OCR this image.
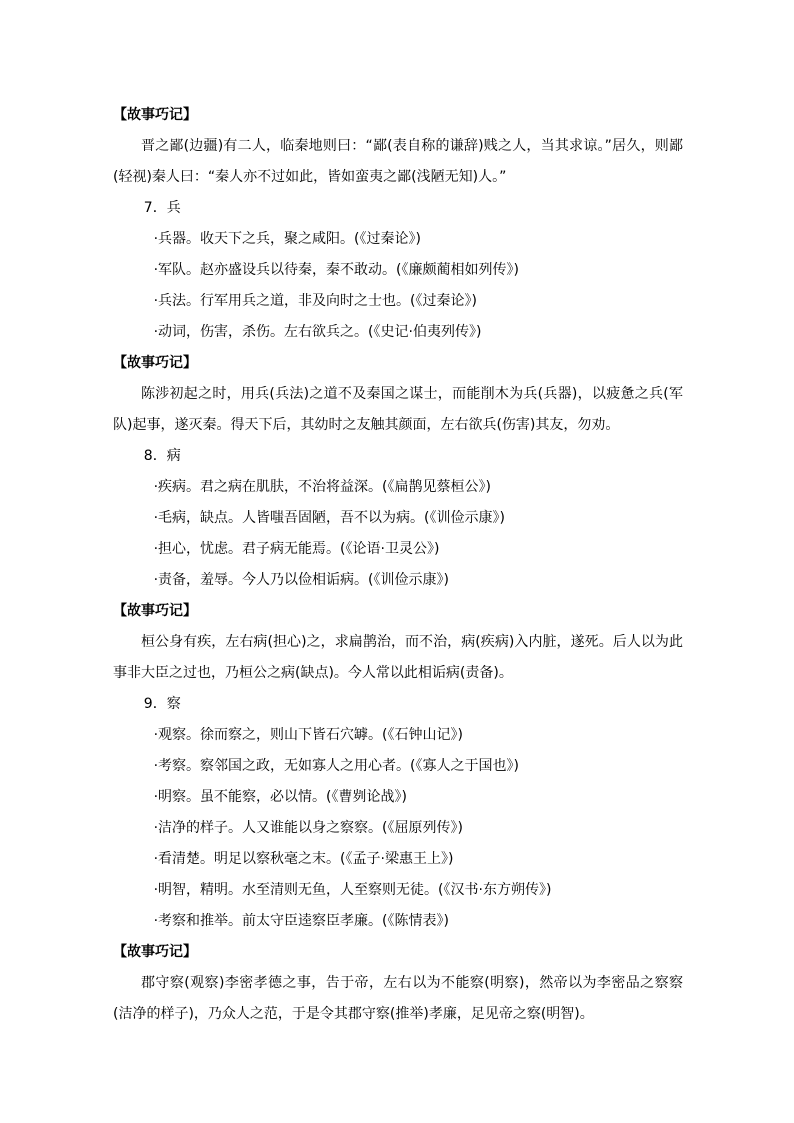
【故事巧记】
晋之鄙(边疆)有二人，临秦地则曰：“鄙(表自称的谦辞)贱之人，当其求谅。”居久，则鄙(轻视)秦人曰：“秦人亦不过如此，皆如蛮夷之鄙(浅陋无知)人。”
7．兵
·兵器。收天下之兵，聚之咸阳。(《过秦论》)
·军队。赵亦盛设兵以待秦，秦不敢动。(《廉颇蔺相如列传》)
·兵法。行军用兵之道，非及向时之士也。(《过秦论》)
·动词，伤害，杀伤。左右欲兵之。(《史记·伯夷列传》)
【故事巧记】
陈涉初起之时，用兵(兵法)之道不及秦国之谋士，而能削木为兵(兵器)，以疲惫之兵(军队)起事，遂灭秦。得天下后，其幼时之友触其颜面，左右欲兵(伤害)其友，勿劝。
8．病
·疾病。君之病在肌肤，不治将益深。(《扁鹊见蔡桓公》)
·毛病，缺点。人皆嗤吾固陋，吾不以为病。(《训俭示康》)
·担心，忧虑。君子病无能焉。(《论语·卫灵公》)
·责备，羞辱。今人乃以俭相诟病。(《训俭示康》)
【故事巧记】
桓公身有疾，左右病(担心)之，求扁鹊治，而不治，病(疾病)入内脏，遂死。后人以为此事非大臣之过也，乃桓公之病(缺点)。今人常以此相诟病(责备)。
9．察
·观察。徐而察之，则山下皆石穴罅。(《石钟山记》)
·考察。察邻国之政，无如寡人之用心者。(《寡人之于国也》)
·明察。虽不能察，必以情。(《曹刿论战》)
·洁净的样子。人又谁能以身之察察。(《屈原列传》)
·看清楚。明足以察秋毫之末。(《孟子·梁惠王上》)
·明智，精明。水至清则无鱼，人至察则无徒。(《汉书·东方朔传》)
·考察和推举。前太守臣逵察臣孝廉。(《陈情表》)
【故事巧记】
郡守察(观察)李密孝德之事，告于帝，左右以为不能察(明察)，然帝以为李密品之察察(洁净的样子)，乃众人之范，于是令其郡守察(推举)孝廉，足见帝之察(明智)。
